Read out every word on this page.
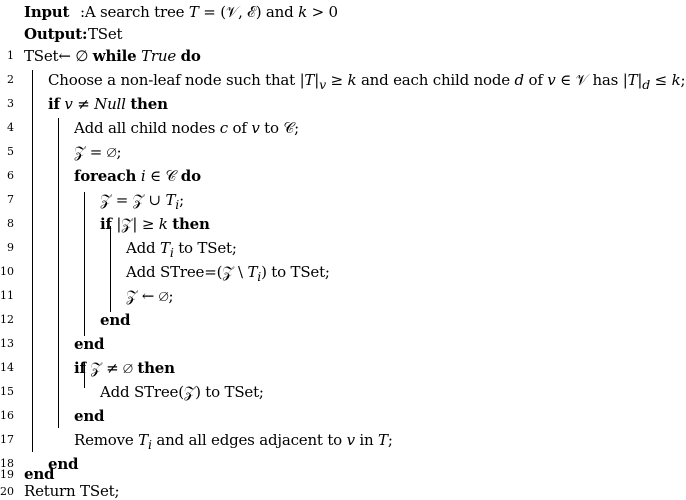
Input :A search tree T = (𝒱, ℰ) and k > 0
Output: TSet
1 TSet← ∅ while True do
2 Choose a non-leaf node such that $|T|_v \ge k$ and each child node d of v ∈ 𝒱 has $|T|_d \le k$;
3 if v ≠ Null then
4	Add all child nodes c of v to 𝒞;
5	𝒵 = ∅;
6	foreach i ∈ 𝒞 do
7	𝒵 = 𝒵 ∪ $T_i$;
8	if |𝒵| ≥ k then
9	Add $T_i$ to TSet;
10	Add STree=(𝒵 \ $T_i$) to TSet;
11	𝒵 ← ∅;
12	end
13	end
14	if 𝒵 ≠ ∅ then
15	Add STree(𝒵) to TSet;
16	end
17	Remove $T_i$ and all edges adjacent to v in T;
18 end
19 end
20 Return TSet;
